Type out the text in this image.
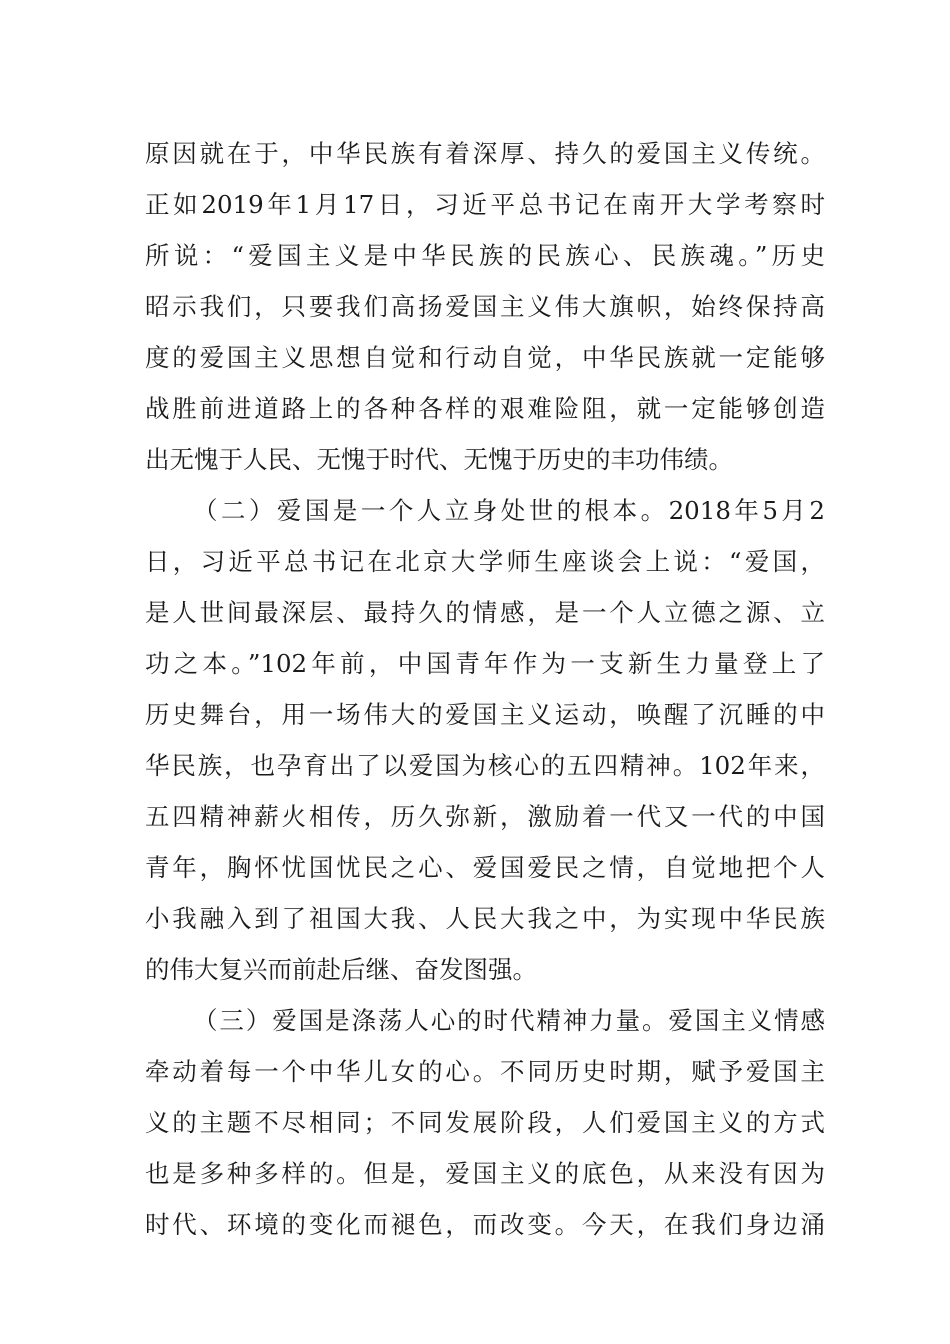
原因就在于，中华民族有着深厚、持久的爱国主义传统。
正如2019年1月17日，习近平总书记在南开大学考察时
所说：“爱国主义是中华民族的民族心、民族魂。”历史
昭示我们，只要我们高扬爱国主义伟大旗帜，始终保持高
度的爱国主义思想自觉和行动自觉，中华民族就一定能够
战胜前进道路上的各种各样的艰难险阻，就一定能够创造
出无愧于人民、无愧于时代、无愧于历史的丰功伟绩。
（二）爱国是一个人立身处世的根本。2018年5月2
日，习近平总书记在北京大学师生座谈会上说：“爱国，
是人世间最深层、最持久的情感，是一个人立德之源、立
功之本。”102年前，中国青年作为一支新生力量登上了
历史舞台，用一场伟大的爱国主义运动，唤醒了沉睡的中
华民族，也孕育出了以爱国为核心的五四精神。102年来，
五四精神薪火相传，历久弥新，激励着一代又一代的中国
青年，胸怀忧国忧民之心、爱国爱民之情，自觉地把个人
小我融入到了祖国大我、人民大我之中，为实现中华民族
的伟大复兴而前赴后继、奋发图强。
（三）爱国是涤荡人心的时代精神力量。爱国主义情感
牵动着每一个中华儿女的心。不同历史时期，赋予爱国主
义的主题不尽相同；不同发展阶段，人们爱国主义的方式
也是多种多样的。但是，爱国主义的底色，从来没有因为
时代、环境的变化而褪色，而改变。今天，在我们身边涌
